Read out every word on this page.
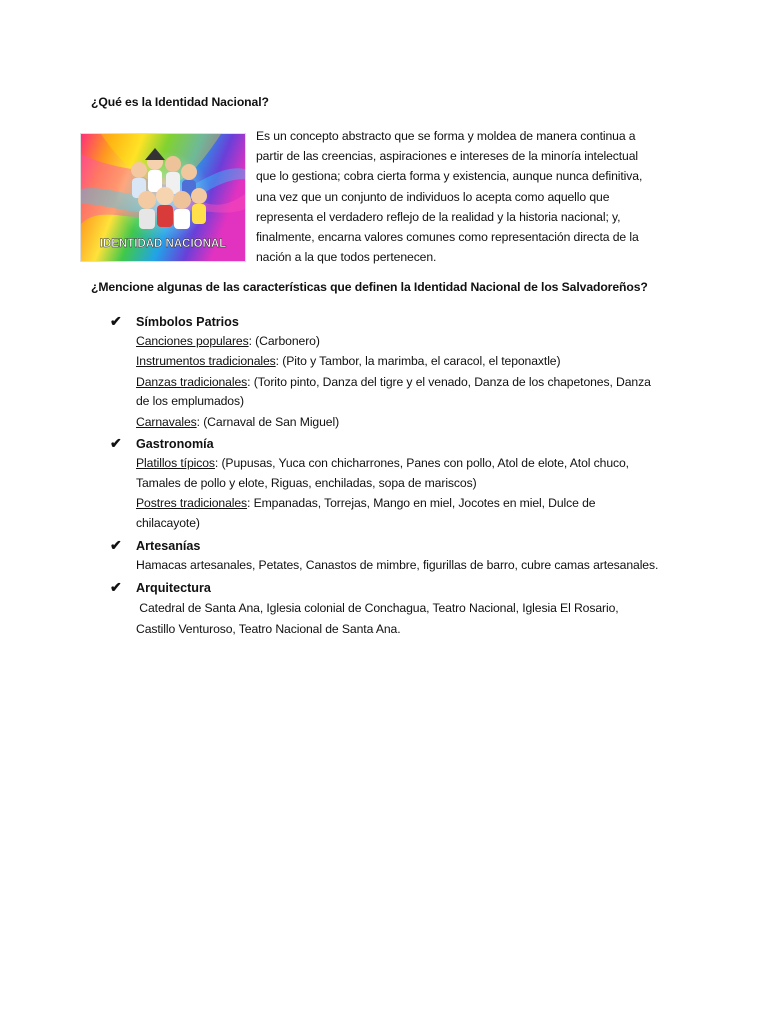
¿Qué es la Identidad Nacional?
IDENTIDAD NACIONAL

Es un concepto abstracto que se forma y moldea de manera continua a
partir de las creencias, aspiraciones e intereses de la minoría intelectual
que lo gestiona; cobra cierta forma y existencia, aunque nunca definitiva,
una vez que un conjunto de individuos lo acepta como aquello que
representa el verdadero reflejo de la realidad y la historia nacional; y,
finalmente, encarna valores comunes como representación directa de la
nación a la que todos pertenecen.

¿Mencione algunas de las características que definen la Identidad Nacional de los Salvadoreños?
✔ Símbolos Patrios
Canciones populares: (Carbonero)
Instrumentos tradicionales: (Pito y Tambor, la marimba, el caracol, el teponaxtle)
Danzas tradicionales: (Torito pinto, Danza del tigre y el venado, Danza de los chapetones, Danza
de los emplumados)
Carnavales: (Carnaval de San Miguel)
✔ Gastronomía
Platillos típicos: (Pupusas, Yuca con chicharrones, Panes con pollo, Atol de elote, Atol chuco,
Tamales de pollo y elote, Riguas, enchiladas, sopa de mariscos)
Postres tradicionales: Empanadas, Torrejas, Mango en miel, Jocotes en miel, Dulce de
chilacayote)
✔ Artesanías
Hamacas artesanales, Petates, Canastos de mimbre, figurillas de barro, cubre camas artesanales.
✔ Arquitectura
Catedral de Santa Ana, Iglesia colonial de Conchagua, Teatro Nacional, Iglesia El Rosario,
Castillo Venturoso, Teatro Nacional de Santa Ana.
